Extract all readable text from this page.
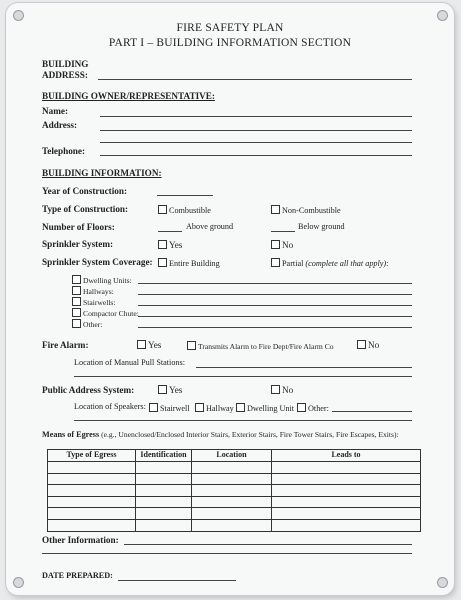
FIRE SAFETY PLAN
PART I – BUILDING INFORMATION SECTION
BUILDING
ADDRESS:
BUILDING OWNER/REPRESENTATIVE:
Name:
Address:
Telephone:
BUILDING INFORMATION:
Year of Construction:
Type of Construction:	Combustible	Non-Combustible
Number of Floors:	Above ground	Below ground
Sprinkler System:	Yes	No
Sprinkler System Coverage:	Entire Building	Partial (complete all that apply):
Dwelling Units:
Hallways:
Stairwells:
Compactor Chute:
Other:
Fire Alarm:	Yes	Transmits Alarm to Fire Dept/Fire Alarm Co	No
Location of Manual Pull Stations:
Public Address System:	Yes	No
Location of Speakers:	Stairwell	Hallway	Dwelling Unit	Other:
Means of Egress (e.g., Unenclosed/Enclosed Interior Stairs, Exterior Stairs, Fire Tower Stairs, Fire Escapes, Exits):
Type of Egress	Identification	Location	Leads to

Other Information:
DATE PREPARED:
